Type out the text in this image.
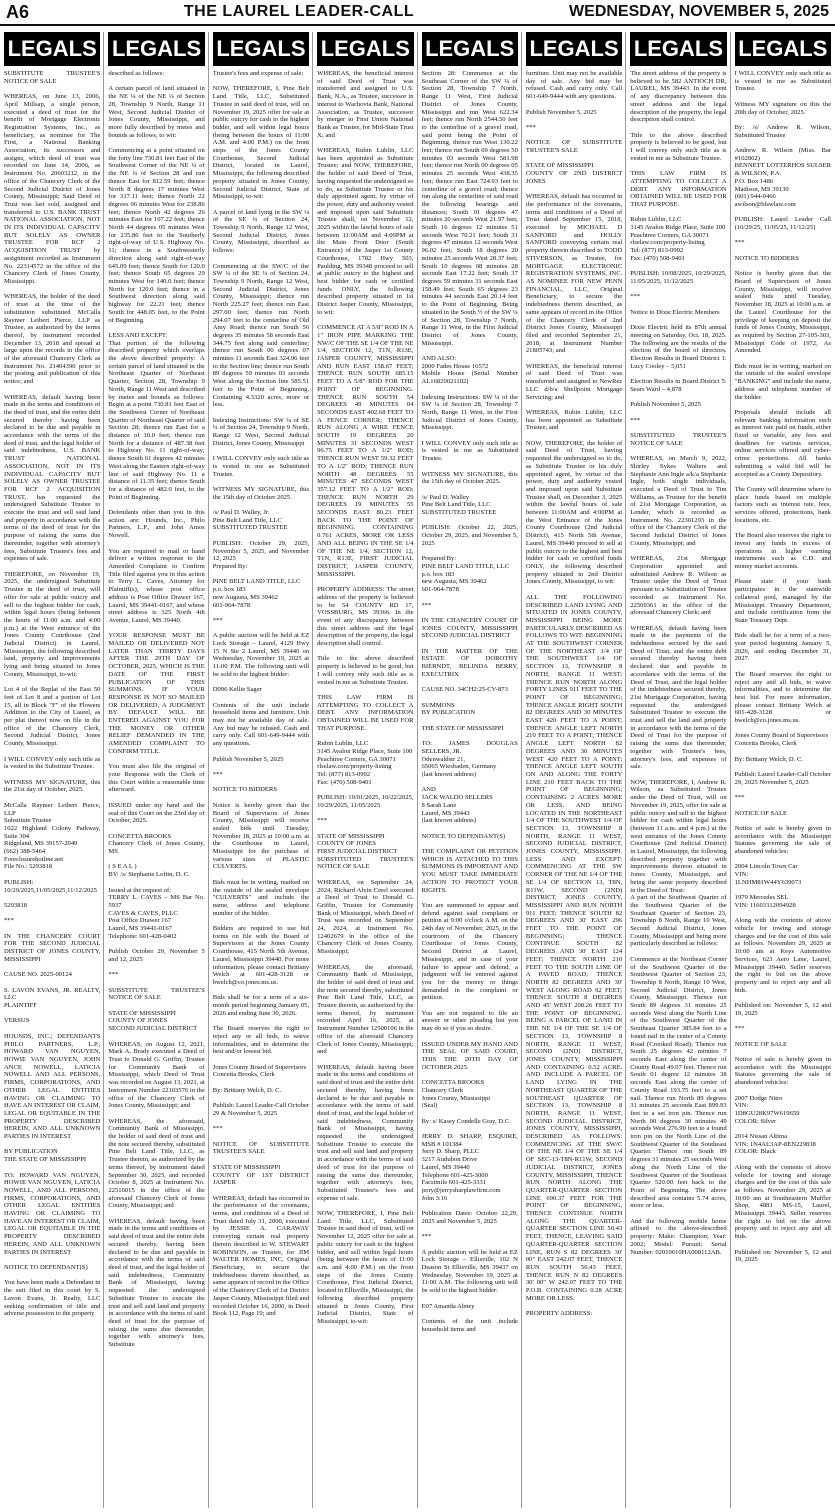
A6	THE LAUREL LEADER-CALL	WEDNESDAY, NOVEMBER 5, 2025
LEGALS
SUBSTITUTE TRUSTEE'S NOTICE OF SALE

WHEREAS, on June 13, 2006, April Millsap, a single person, executed a deed of trust for the benefit of Mortgage Electronic Registration Systems, Inc., as beneficiary, as nominee for The First, a National Banking Association, its successors and assigns, which deed of trust was recorded on June 14, 2006, as Instrument No. 20603212, in the office of the Chancery Clerk of the Second Judicial District of Jones County, Mississippi; Said Deed of Trust was last sold, assigned and transferred to U.S. BANK TRUST NATIONAL ASSOCIATION, NOT IN ITS INDIVIDUAL CAPACITY BUT SOLELY AS OWNER TRUSTEE FOR RCF 2 ACQUISITION TRUST by assignment recorded as Instrument No. 22314572 in the office of the Chancery Clerk of Jones County, Mississippi.

WHEREAS, the holder of the deed of trust at the time of the substitution substituted McCalla Raymer Leibert Pierce, LLP as Trustee, as authorized by the terms thereof, by instrument recorded December 13, 2018 and spread at large upon the records in the office of the aforesaid Chancery Clerk as Instrument No. 21404390 prior to the posting and publication of this notice; and

WHEREAS, default having been made in the terms and conditions of the deed of trust, and the entire debt secured thereby having been declared to be due and payable in accordance with the terms of the deed of trust, and the legal holder of said indebtedness, U.S. BANK TRUST NATIONAL ASSOCIATION, NOT IN ITS INDIVIDUAL CAPACITY BUT SOLELY AS OWNER TRUSTEE FOR RCF 2 ACQUISITION TRUST, has requested the undersigned Substitute Trustee to execute the trust and sell said land and property in accordance with the terms of the deed of trust for the purpose of raising the sums due thereunder, together with attorney's fees, Substitute Trustee's fees and expenses of sale.

THEREFORE, on November 19, 2025, the undersigned Substitute Trustee in the deed of trust, will offer for sale at public outcry and sell to the highest bidder for cash, within legal hours (being between the hours of 11:00 a.m. and 4:00 p.m.) at the West entrance of the Jones County Courthouse (2nd Judicial District) in Laurel, Mississippi, the following described land, property and improvements lying and being situated in Jones County, Mississippi, to-wit:

Lot 4 of the Replat of the East 50 feet of Lot 8 and a portion of Lot 15, all in Block "F" of the Flowers Addition to the City of Laurel, as per plat thereof now on file in the office of the Chancery Clerk, Second Judicial District, Jones County, Mississippi.

I WILL CONVEY only such title as is vested in the Substitute Trustee.

WITNESS MY SIGNATURE, this the 21st day of October, 2025.

McCalla Raymer Leibert Pierce, LLP
Substitute Trustee
1022 Highland Colony Parkway, Suite 304
Ridgeland, MS 39157-2049
(662) 388-5464
Foreclosurehotline.net
File No.: 5293818

PUBLISH: 10/29/2025,11/05/2025,11/12/2025

5293818

***

IN THE CHANCERY COURT FOR THE SECOND JUDICIAL DISTRICT OF JONES COUNTY, MISSISSIPPI

CAUSE NO. 2025-00124

S. LAVON EVANS, JR. REALTY, LLC
PLAINTIFF

VERSUS

HOUNDS, INC.; DEFENDANTS PHILO PARTNERS, L.P.; HOWARD VAN NGUYEN, HOWIE VAN NGUYEN, JOHN ANCE NOWELL, LATICIA NOWELL AND ALL PERSONS, FIRMS, CORPORATIONS, AND OTHER LEGAL ENTITIES HAVING OR CLAIMING TO HAVE AN INTEREST OR CLAIM, LEGAL OR EQUITABLE IN THE PROPERTY DESCRIBED HEREIN, AND ALL UNKNOWN PARTIES IN INTEREST

BY PUBLICATION
THE STATE OF MISSISSIPPI

TO: HOWARD VAN NGUYEN, HOWIE VAN NGUYEN, LATICIA NOWELL, AND ALL PERSONS, FIRMS, CORPORATIONS, AND OTHER LEGAL ENTITIES HAVING OR CLAIMING TO HAVE AN INTEREST OR CLAIM, LEGAL OR EQUITABLE IN THE PROPERTY DESCRIBED HEREIN, AND ALL UNKNOWN PARTIES IN INTEREST

NOTICE TO DEFENDANT(S)

You have been made a Defendant in the suit filed in this court by S. Lavon Evans, Jr. Realty, LLC seeking confirmation of title and adverse possession to the property
LEGALS
described as follows:

A certain parcel of land situated in the NE ¼ of the NE ¼ of Section 28, Township 9 North, Range 11 West, Second Judicial District of Jones County, Mississippi, and more fully described by metes and bounds as follows, to wit:

Commencing at a point situated on the forty line 730.81 feet East of the Southwest Corner of the NE ¼ of the NE ¼ of Section 28 and run thence East for 812.59 feet; thence North 8 degrees 17 minutes West for 317.11 feet; thence North 22 degrees 06 minutes West for 238.86 feet; thence North 42 degrees 26 minutes East for 107.22 feet; thence North 44 degrees 05 minutes West for 235.86 feet to the Southerly right-of-way of U.S. Highway No. 11; thence in a Southwesterly direction along said right-of-way 645.09 feet; thence South for 120.0 feet; thence South 65 degrees 29 minutes West for 140.0 feet; thence North for 120.0 feet; thence in a Southwest direction along said highway for 22.21 feet; thence South for 448.05 feet, to the Point of Beginning.

LESS AND EXCEPT:
That portion of the following described property which overlaps the above described property: A certain parcel of land situated in the Northeast Quarter of Northeast Quarter, Section 28, Township 9 North, Range 11 West and described by metes and bounds as follows: Begin at a point 730.81 feet East of the Southwest Corner of Northeast Quarter of Northeast Quarter of said Section 28; thence run East for a distance of 10.0 feet; thence run North for a distance of 487.38 feet to Highway No. 11 right-of-way; thence South 61 degrees 42 minutes West along the Eastern right-of-way line of said Highway No. 11 a distance of 11.35 feet; thence South for a distance of 482.0 feet, to the Point of Beginning.

Defendants other than you in this action are: Hounds, Inc., Philo Partners, L.P., and John Amos Nowell.

You are required to mail or hand deliver a written response to the Amended Complaint to Confirm Title filed against you in this action to Terry L. Caves, Attorney for Plaintiff(s), whose post office address is Post Office Drawer 167, Laurel, MS 39441-0167, and whose street address is 325 North 4th Avenue, Laurel, MS 39440.

YOUR RESPONSE MUST BE MAILED OR DELIVERED NOT LATER THAN THIRTY DAYS AFTER THE 29TH DAY OF OCTOBER, 2025, WHICH IS THE DATE OF THE FIRST PUBLICATION OF THIS SUMMONS. IF YOUR RESPONSE IS NOT SO MAILED OR DELIVERED, A JUDGMENT BY DEFAULT WILL BE ENTERED AGAINST YOU FOR THE MONEY OR OTHER RELIEF DEMANDED IN THE AMENDED COMPLAINT TO CONFIRM TITLE.

You must also file the original of your Response with the Clerk of this Court within a reasonable time afterward.

ISSUED under my hand and the seal of this Court on the 23rd day of October, 2025.

CONCETTA BROOKS
Chancery Clerk of Jones County, MS

( S E A L )
BY: /s/ Stephanie Loftin, D. C.

Issued at the request of:
TERRY L. CAVES – MS Bar No. 5937
CAVES & CAVES, PLLC
Post Office Drawer 167
Laurel, MS 39441-0167
Telephone: 601-428-0402

Publish October 29, November 5 and 12, 2025

***

SUBSTITUTE TRUSTEE'S NOTICE OF SALE

STATE OF MISSISSIPPI
COUNTY OF JONES
SECOND JUDICIAL DISTRICT

WHEREAS, on August 12, 2021, Mark A. Brady executed a Deed of Trust to Donald G. Griffin, Trustee for Community Bank of Mississippi, which Deed of Trust was recorded on August 13, 2021, at Instrument Number 22103576 in the office of the Chancery Clerk of Jones County, Mississippi; and

WHEREAS, the aforesaid, Community Bank of Mississippi, the holder of said deed of trust and the note secured thereby, substituted Pine Belt Land Title, LLC, as Trustee therein, as authorized by the terms thereof, by instrument dated September 30, 2025, and recorded October 8, 2025 at Instrument No. 22516015 in the office of the aforesaid Chancery Clerk of Jones County, Mississippi; and

WHEREAS, default having been made in the terms and conditions of said deed of trust and the entire debt secured thereby, having been declared to be due and payable in accordance with the terms of said deed of trust, and the legal holder of said indebtedness, Community Bank of Mississippi, having requested the undersigned Substitute Trustee to execute the trust and sell said land and property in accordance with the terms of said deed of trust for the purpose of raising the sums due thereunder, together with attorney's fees, Substitute
LEGALS
Trustee's fees and expense of sale;

NOW, THEREFORE, I, Pine Belt Land Title, LLC, Substituted Trustee in said deed of trust, will on November 19, 2025 offer for sale at public outcry for cash to the highest bidder, and sell within legal hours (being between the hours of 11:00 A.M. and 4:00 P.M.) on the front steps of the Jones County Courthouse, Second Judicial District, located in Laurel, Mississippi, the following described property situated in Jones County, Second Judicial District, State of Mississippi, to-wit:

A parcel of land lying in the SW ¼ of the SE ¼ of Section 24, Township 9 North, Range 12 West, Second Judicial District, Jones County, Mississippi, described as follows:

Commencing at the SW/C of the SW ¼ of the SE ¼ of Section 24, Township 9 North, Range 12 West, Second Judicial District, Jones County, Mississippi; thence run North 225.27 feet; thence run East 297.00 feet; thence run North 294.07 feet to the centerline of Old Amy Road; thence run South 56 degrees 35 minutes 58 seconds East 344.75 feet along said centerline; thence run South 00 degrees 07 minutes 11 seconds East 324.96 feet to the Section line; thence run South 89 degrees 59 minutes 03 seconds West along the Section line 585.51 feet to the Point of Beginning. Containing 4.3320 acres, more or less.

Indexing Instructions: SW ¼ of SE ¼ of Section 24, Township 9 North, Range 12 West, Second Judicial District, Jones County, Mississippi

I WILL CONVEY only such title as is vested in me as Substituted Trustee.

WITNESS MY SIGNATURE, this the 15th day of October 2025.

/s/ Paul D. Walley, Jr.
Pine Belt Land Title, LLC
SUBSTITUTED TRUSTEE

PUBLISH: October 29, 2025, November 5, 2025, and November 12, 2025
Prepared By:

PINE BELT LAND TITLE, LLC
p.o. box 183
new Augusta, MS 39462
601-964-7878

***

A public auction will be held at EZ Lock Storage – Laurel, 4129 Hwy 15 N Ste 2 Laurel, MS 39440 on Wednesday, November 19, 2025 at 11:00 P.M. The following unit will be sold to the highest bidder:

D096 Kellie Sager

Contents of the unit include household items and furniture. Unit may not be available day of sale. Any bid may be refused. Cash and carry only. Call 601-649-9444 with any questions.

Publish November 5, 2025

***

NOTICE TO BIDDERS

Notice is hereby given that the Board of Supervisors of Jones County, Mississippi will receive sealed bids until Tuesday, November 18, 2025 at 10:00 a.m. at the Courthouse in Laurel, Mississippi for the purchase of various sizes of PLASTIC CULVERTS.

Bids must be in writing, marked on the outside of the sealed envelope "CULVERTS" and include the name, address and telephone number of the bidder.

Bidders are required to use bid forms on file with the Board of Supervisors at the Jones County Courthouse, 415 North 5th Avenue, Laurel, Mississippi 39440. For more information, please contact Brittany Welch at 601-428-3128 or bwelch@co.jones.ms.us.

Bids shall be for a term of a six-month period beginning January 05, 2026 and ending June 30, 2026.

The Board reserves the right to reject any or all bids, to waive informalities, and to determine the best and/or lowest bid.

Jones County Board of Supervisors
Concetta Brooks, Clerk

By: Brittany Welch, D. C.

Publish: Laurel Leader-Call October 29 & November 5, 2025

***

NOTICE OF SUBSTITUTE TRUSTEE'S SALE

STATE OF MISSISSIPPI
COUNTY OF 1ST DISTRICT JASPER

WHEREAS, default has occurred in the performance of the covenants, terms, and conditions of a Deed of Trust dated July 31, 2000, executed by JESSIE A. CARAWAY conveying certain real property therein described to W. STEWART ROBINSON, as Trustee, for JIM WALTER HOMES, INC, Original Beneficiary, to secure the indebtedness therein described, as same appears of record in the Office of the Chancery Clerk of 1st District Jasper County, Mississippi filed and recorded October 16, 2000, in Deed Book 112, Page 19; and
LEGALS
WHEREAS, the beneficial interest of said Deed of Trust was transferred and assigned to U.S. Bank, N.A., as Trustee, successor in interest to Wachovia Bank, National Association, as Trustee, successor by merger to First Union National Bank as Trustee, for Mid-State Trust X; and

WHEREAS, Rubin Lublin, LLC has been appointed as Substitute Trustee; and NOW, THEREFORE, the holder of said Deed of Trust, having requested the undersigned so to do, as Substitute Trustee or his duly appointed agent, by virtue of the power, duty and authority vested and imposed upon said Substitute Trustee shall, on November 12, 2025 within the lawful hours of sale between 11:00AM and 4:00PM at the Main Front Door (South Entrance) of the Jasper 1st County Courthouse, 1782 Hwy 503, Paulding, MS 39348 proceed to sell at public outcry to the highest and best bidder for cash or certified funds ONLY, the following described property situated in 1st District Jasper County, Mississippi, to wit:

COMMENCE AT A 5/8" ROD IN A 1" IRON PIPE MARKING THE NW/C OF THE SE 1/4 OF THE NE 1/4, SECTION 12, T1N, R13E, JASPER COUNTY, MISSISSIPPI AND RUN EAST 158.67 FEET; THENCE RUN SOUTH 685.15 FEET TO A 5/8" ROD FOR THE POINT OF BEGINNING. THENCE RUN SOUTH 54 DEGREES 49 MINUTES 04 SECONDS EAST 402.68 FEET TO A FENCE CORNER; THENCE RUN ALONG A WIRE FENCE SOUTH 19 DEGREES 20 MINUTES 31 SECONDS WEST 96.75 FEET TO A 1/2" ROD; THENCE RUN WEST 59.32 FEET TO A 1/2" ROD; THENCE RUN NORTH 48 DEGREES 55 MINUTES 47 SECONDS WEST 357.12 FEET TO A 1/2" ROD; THENCE RUN NORTH 29 DEGREES 19 MINUTES 55 SECONDS EAST 80.23 FEET BACK TO THE POINT OF BEGINNING. CONTAINING 0.761 ACRES, MORE OR LESS AND ALL BEING IN THE SE 1/4 OF THE NE 1/4, SECTION 12, T1N, R13E, FIRST JUDICIAL DISTRICT, JASPER COUNTY, MISSISSIPPI.

PROPERTY ADDRESS: The street address of the property is believed to be 54 COUNTY RD 17, VOSSBURG, MS 39366. In the event of any discrepancy between this street address and the legal description of the property, the legal description shall control.

Title to the above described property is believed to be good, but I will convey only such title as is vested in me as Substitute Trustee.

THIS LAW FIRM IS ATTEMPTING TO COLLECT A DEBT. ANY INFORMATION OBTAINED WILL BE USED FOR THAT PURPOSE.

Rubin Lublin, LLC
3145 Avalon Ridge Place, Suite 100
Peachtree Corners, GA 30071
rlselaw.com/property-listing
Tel: (877) 813-0992
Fax: (470) 508-9401

PUBLISH: 10/01/2025, 10/22/2025, 10/29/2025, 11/05/2025

***

STATE OF MISSISSIPPI
COUNTY OF JONES
FIRST JUDICIAL DISTRICT
SUBSTITUTED TRUSTEE'S NOTICE OF SALE

WHEREAS, on September 24, 2024, Richard Alvin Creel executed a Deed of Trust to Donald G. Griffin, Trustee for Community Bank of Mississippi, which Deed of Trust was recorded on September 24, 2024, at Instrument No. 12402679 in the office of the Chancery Clerk of Jones County, Mississippi;

WHEREAS, the aforesaid, Community Bank of Mississippi, the holder of said deed of trust and the note secured thereby, substituted Pine Belt Land Title, LLC, as Trustee therein, as authorized by the terms thereof, by instrument recorded April 16, 2025, at Instrument Number 12500106 in the office of the aforesaid Chancery Clerk of Jones County, Mississippi; and

WHEREAS, default having been made in the terms and conditions of said deed of trust and the entire debt secured thereby, having been declared to be due and payable in accordance with the terms of said deed of trust, and the legal holder of said indebtedness, Community Bank of Mississippi, having requested the undersigned Substitute Trustee to execute the trust and sell said land and property in accordance with the terms of said deed of trust for the purpose of raising the sums due thereunder, together with attorney's fees, Substituted Trustee's fees and expense of sale.

NOW, THEREFORE, I, Pine Belt Land Title, LLC, Substituted Trustee in said deed of trust, will on November 12, 2025 offer for sale at public outcry for cash to the highest bidder, and sell within legal hours (being between the hours of 11:00 a.m. and 4:00 P.M.) on the front steps of the Jones County Courthouse, First Judicial District, located in Ellisville, Mississippi, the following described property situated in Jones County, First Judicial District, State of Mississippi, to-wit:
LEGALS
Section 28: Commence at the Southeast Corner of the SW ¼ of Section 28, Township 7 North, Range 11 West, First Judicial District of Jones County, Mississippi and run West 622.34 feet; thence run North 2544.50 feet to the centerline of a gravel road, said point being the Point of Beginning, thence run West 130.22 feet; thence run South 69 degrees 50 minutes 03 seconds West 581.98 feet; thence run North 00 degrees 05 minutes 25 seconds West 438.35 feet; thence run East 724.93 feet to centerline of a gravel road; thence run along the centerline of said road the following bearings and distances; South 01 degrees 47 minutes 20 seconds West 21.97 feet; South 16 degrees 12 minutes 51 seconds West 70.21 feet; South 31 degrees 47 minutes 12 seconds West 96.02 feet; South 18 degrees 20 minutes 25 seconds West 28.37 feet; South 10 degrees 08 minutes 28 seconds East 17.22 feet; South 37 degrees 59 minutes 31 seconds East 158.49 feet; South 65 degrees 23 minutes 44 seconds East 20.14 feet to the Point of Beginning. Being situated in the South ½ of the SW ¼ of Section 28, Township 7 North, Range 11 West, in the First Judicial District of Jones County, Mississippi.

AND ALSO:
2000 Fades House 16572
Mobile House (Serial Number AL16820021102)

Indexing Instructions: SW ¼ of the SW ¼ of Section 28, Township 7 North, Range 11 West, in the First Judicial District of Jones County, Mississippi.

I WILL CONVEY only such title as is vested in me as Substituted Trustee.

WITNESS MY SIGNATURE, this the 15th day of October 2025.

/s/ Paul D. Walley
Pine Belt Land Title, LLC
SUBSTITUTED TRUSTEE

PUBLISH: October 22, 2025, October 29, 2025, and November 5, 2025

Prepared By:
PINE BELT LAND TITLE, LLC
p.o. box 183
new Augusta, MS 39462
601-964-7878

***

IN THE CHANCERY COURT OF JONES COUNTY, MISSISSIPPI SECOND JUDICIAL DISTRICT

IN THE MATTER OF THE ESTATE OF DOROTHY BIERNDT, BELINDA BERRY, EXECUTRIX

CAUSE NO. 34CH2:25-CV-873

SUMMONS
BY PUBLICATION

THE STATE OF MISSISSIPPI

TO: JAMES DOUGLAS SELLERS, JR.
Odenwaldstr 21,
65065 Wiesbaden, Germany
(last known address)

AND
JACK WALDO SELLERS
8 Sarah Lane
Laurel, MS 39443
(last known address)

NOTICE TO DEFENDANT(S)

THE COMPLAINT OR PETITION WHICH IS ATTACHED TO THIS SUMMONS IS IMPORTANT AND YOU MUST TAKE IMMEDIATE ACTION TO PROTECT YOUR RIGHTS.

You are summoned to appear and defend against said complaint or petition at 9:00 o'clock A.M. on the 24th day of November, 2025, in the courtroom of the Chancery Courthouse of Jones County, Second District at Laurel, Mississippi, and in case of your failure to appear and defend, a judgment will be entered against you for the money or things demanded in the complaint or petition.

You are not required to file an answer or other pleading but you may do so if you so desire.

ISSUED UNDER MY HAND AND THE SEAL OF SAID COURT, THIS THE 20TH DAY OF OCTOBER 2025.

CONCETTA BROOKS
Chancery Clerk
Jones County, Mississippi
(Seal)

By: s/ Kasey Condelle Gray, D.C.

JERRY D. SHARP, ESQUIRE, MSB # 101384
Jerry D. Sharp, PLLC
3217 Audubon Drive
Laurel, MS 39440
Telephone 601-425-3000
Facsimile 601-425-3331
jerry@jerrysharplawfirm.com
John 3:16

Publication Dates: October 22,29, 2025 and November 5, 2025

***

A public auction will be held at EZ Lock Storage – Ellisville, 102 N Deason St Ellisville, MS 39437 on Wednesday, November 19, 2025 at 11:00 A.M. The following unit will be sold to the highest bidder:

E07 Amanda Abney

Contents of the unit include household items and
LEGALS
furniture. Unit may not be available day of sale. Any bid may be refused. Cash and carry only. Call 601-649-9444 with any questions.

Publish November 5, 2025

***

NOTICE OF SUBSTITUTE TRUSTEE'S SALE

STATE OF MISSISSIPPI
COUNTY OF 2ND DISTRICT JONES

WHEREAS, default has occurred in the performance of the covenants, terms and conditions of a Deed of Trust dated September 15, 2018, executed by MICHAEL D SANFORD and HOLLY SANFORD conveying certain real property therein described to TODD STIVERSON, as Trustee, for MORTGAGE ELECTRONIC REGISTRATION SYSTEMS, INC. AS NOMINEE FOR NEW PENN FINANCIAL, LLC, Original Beneficiary, to secure the indebtedness therein described, as same appears of record in the Office of the Chancery Clerk of 2nd District Jones County, Mississippi filed and recorded September 21, 2018, at Instrument Number 21805743; and

WHEREAS, the beneficial interest of said Deed of Trust was transferred and assigned to NewRez LLC d/b/a Shellpoint Mortgage Servicing; and

WHEREAS, Rubin Lublin, LLC has been appointed as Substitute Trustee; and

NOW, THEREFORE, the holder of said Deed of Trust, having requested the undersigned so to do, as Substitute Trustee or his duly appointed agent, by virtue of the power, duty and authority vested and imposed upon said Substitute Trustee shall, on December 3, 2025 within the lawful hours of sale between 11:00AM and 4:00PM at the West Entrance of the Jones County Courthouse (2nd Judicial District), 415 North 5th Avenue, Laurel, MS 39440 proceed to sell at public outcry to the highest and best bidder for cash or certified funds ONLY, the following described property situated in 2nd District Jones County, Mississippi, to wit:

ALL THE FOLLOWING DESCRIBED LAND LYING AND SITUATED IN JONES COUNTY, MISSISSIPPI BEING MORE PARTICULARLY DESCRIBED AS FOLLOWS TO WIT: BEGINNING AT THE SOUTHWEST CORNER OF THE NORTHEAST 1/4 OF THE SOUTHWEST 1/4 OF SECTION 13, TOWNSHIP 8 NORTH, RANGE 11 WEST; THENCE RUN NORTH ALONG FORTY LINES 911 FEET TO THE POINT OF BEGINNING; THENCE ANGLE RIGHT SOUTH 82 DEGREES AND 30 MINUTES EAST 420 FEET TO A POINT; THENCE ANGLE LEFT NORTH 210 FEET TO A POINT; THENCE ANGLE LEFT NORTH 82 DEGREES AND 30 MINUTES WEST 420 FEET TO A POINT; THENCE ANGLE LEFT SOUTH ON AND ALONG THE FORTY LINE 210 FEET BACK TO THE POINT OF BEGINNING; CONTAINING 2 ACRES MORE OR LESS. AND BEING LOCATED IN THE NORTHEAST 1/4 OF THE SOUTHWEST 1/4 OF SECTION 13, TOWNSHIP 8 NORTH, RANGE 11 WEST, SECOND JUDICIAL DISTRICT, JONES COUNTY, MISSISSIPPI. LESS AND EXCEPT: COMMENCING AT THE SW CORNER OF THE NE 1/4 OF THE SE 1/4 OF SECTION 13, T8N, R11W, SECOND (2ND) DISTRICT, JONES COUNTY, MISSISSIPPI AND RUN NORTH 911 FEET; THENCE SOUTH 82 DEGREES AND 30' EAST 296 FEET TO THE POINT OF BEGINNING; THENCE CONTINUE SOUTH 82 DEGREES AND 30' EAST 124 FEET; THENCE NORTH 210 FEET TO THE SOUTH LINE OF A PAVED ROAD; THENCE NORTH 82 DEGREES AND 30' WEST ALONG ROAD 92 FEET; THENCE SOUTH 8 DEGREES AND 45' WEST 208.26 FEET TO THE POINT OF BEGINNING. BEING A PARCEL OF LAND IN THE NE 1/4 OF THE SE 1/4 OF SECTION 13, TOWNSHIP 8 NORTH, RANGE 11 WEST, SECOND (2ND) DISTRICT, JONES COUNTY, MISSISSIPPI AND CONTAINING 0.52 ACRE. AND INCLUDE A PARCEL OF LAND LYING IN THE NORTHEAST QUARTER OF THE SOUTHEAST QUARTER OF SECTION 13, TOWNSHIP 8 NORTH, RANGE 11 WEST, SECOND JUDICIAL DISTRICT, JONES COUNTY, MISSISSIPPI, DESCRIBED AS FOLLOWS: COMMENCING AT THE SW/C OF THE NE 1/4 OF THE SE 1/4 OF SEC-13-T8N-R11W, SECOND JUDICIAL DISTRICT, JONES COUNTY, MISSISSIPPI, THENCE RUN NORTH ALONG THE QUARTER-QUARTER SECTION LINE 690.37 FEET FOR THE POINT OF BEGINNING, THENCE CONTINUE NORTH ALONG THE QUARTER-QUARTER SECTION LINE 50.43 FEET, THENCE, LEAVING SAID QUARTER-QUARTER SECTION LINE, RUN S 82 DEGREES 30' 00" EAST 242.07 FEET, THENCE RUN SOUTH 50.43 FEET, THENCE RUN N 82 DEGREES 30' 00" W 242.07 FEET TO THE P.O.B. CONTAINING 0.28 ACRE MORE OR LESS.

PROPERTY ADDRESS:
LEGALS
The street address of the property is believed to be 582 ANTIOCH DR, LAUREL, MS 39443. In the event of any discrepancy between this street address and the legal description of the property, the legal description shall control.

Title to the above described property is believed to be good, but I will convey only such title as is vested in me as Substitute Trustee.

THIS LAW FIRM IS ATTEMPTING TO COLLECT A DEBT. ANY INFORMATION OBTAINED WILL BE USED FOR THAT PURPOSE.

Rubin Lublin, LLC
3145 Avalon Ridge Place, Suite 100
Peachtree Corners, GA 30071
rlselaw.com/property-listing
Tel: (877) 813-0992
Fax: (470) 508-9401

PUBLISH: 10/08/2025, 10/29/2025, 11/05/2025, 11/12/2025

***

Notice to Dixie Electric Members

Dixie Electric held its 87th annual meeting on Saturday, Oct. 18, 2025. The following are the results of the election of the board of directors. Election Results in Board District 1: Lucy Cooley – 5,051

Election Results in Board District 5: Sears Ward – 4,878

Publish November 5, 2025

***

SUBSTITUTED TRUSTEE'S NOTICE OF SALE

WHEREAS, on March 9, 2022, Shirley Sykes Walters and Stephanie Ann Ingle a/k/a Stephanie Ingle, both single individuals, executed a Deed of Trust to Tim Williams, as Trustee for the benefit of 21st Mortgage Corporation, as Lender, which is recorded as Instrument No. 22301293 in the office of the Chancery Clerk of the Second Judicial District of Jones County, Mississippi; and

WHEREAS, 21st Mortgage Corporation appointed and substituted Andrew R. Wilson as Trustee under the Deed of Trust pursuant to a Substitution of Trustee recorded as Instrument No. 22509361 in the office of the aforesaid Chancery Clerk; and

WHEREAS, default having been made in the payments of the indebtedness secured by the said Deed of Trust, and the entire debt secured thereby having been declared due and payable in accordance with the terms of the Deed of Trust, and the legal holder of the indebtedness secured thereby, 21st Mortgage Corporation, having requested the undersigned Substituted Trustee to execute the trust and sell the land and property in accordance with the terms of the Deed of Trust for the purpose of raising the sums due thereunder, together with Trustee's fees, attorney's fees, and expenses of sale.

NOW, THEREFORE, I, Andrew R. Wilson, as Substituted Trustee under the Deed of Trust, will on November 19, 2025, offer for sale at public outcry and sell to the highest bidder for cash within legal hours (between 11 a.m. and 4 p.m.) at the west entrance of the Jones County Courthouse (2nd Judicial District) in Laurel, Mississippi, the following described property together with improvements thereon situated in Jones County, Mississippi, and being the same property described in the Deed of Trust:
A part of the Southwest Quarter of the Southwest Quarter of the Southeast Quarter of Section 23, Township 8 North, Range 10 West, Second Judicial District, Jones County, Mississippi and being more particularly described as follows:

Commence at the Northeast Corner of the Southwest Quarter of the Southwest Quarter of Section 23, Township 8 North, Range 10 West, Second Judicial District, Jones County, Mississippi. Thence run South 89 degrees 31 minutes 25 seconds West along the North Line of the Southwest Quarter of the Southeast Quarter 385.84 feet to a found nail in the center of a County Road (Crooked Road); Thence run South 25 degrees 42 minutes 7 seconds East along the center of County Road 49.07 feet. Thence run South 01 degree 12 minutes 38 seconds East along the center of County Road 193.75 feet to a set nail. Thence run North 89 degrees 31 minutes 25 seconds East 899.93 feet to a set iron pin. Thence run North 00 degrees 30 minutes 49 seconds West 276.90 feet to a found iron pin on the North Line of the Southwest Quarter of the Southeast Quarter. Thence run South 89 degrees 31 minutes 25 seconds West along the North Line of the Southwest Quarter of the Southeast Quarter 520.00 feet back to the Point of Beginning. The above described area contains 5.74 acres, more or less.

And the following mobile home affixed to the above-described property: Make: Champion; Year: 2002; Model: Pursuit; Serial Number: 02010610HA008112AB.
LEGALS
I WILL CONVEY only such title as is vested in me as Substituted Trustee.

Witness MY signature on this the 20th day of October, 2025.

By: /s/ Andrew R. Wilson, Substituted Trustee

Andrew R. Wilson (Miss. Bar #102862)
BENNETT LOTTERHOS SULSER & WILSON, P.A.
P.O. Box 1486
Madison, MS 39130
(601) 944-0466
awilson@blswlaw.com

PUBLISH: Laurel Leader Call (10/29/25, 11/05/25, 11/12/25)

***

NOTICE TO BIDDERS

Notice is hereby given that the Board of Supervisors of Jones County, Mississippi, will receive sealed bids until Tuesday, November 18, 2025 at 10:00 a.m. at the Laurel Courthouse for the privilege of keeping on deposit the funds of Jones County, Mississippi, as required by Section 27-105-303, Mississippi Code of 1972, As Amended.

Bids must be in writing, marked on the outside of the sealed envelope "BANKING" and include the name, address and telephone number of the bidder.

Proposals should include all relevant banking information such as interest rate paid on funds, either fixed or variable, any fees and deadlines for various services, online services offered and cyber-crime protections. All banks submitting a valid bid will be accepted as a County Depository.

The County will determine where to place funds based on multiple factors such as interest rate, fees, services offered, protections, bank locations, etc.

The Board also reserves the right to invest any funds in excess of operations in higher earning instruments such as C.D. and money market accounts.

Please state if your bank participates in the statewide collateral pool, managed by the Mississippi Treasury Department, and include certification from the State Treasury Dept.

Bids shall be for a term of a two-year period beginning January 5, 2026, and ending December 31, 2027.

The Board reserves the right to reject any and all bids, to waive informalities, and to determine the best bid. For more information, please contact Brittany Welch at 601-428-3128 or bwelch@co.jones.ms.us.

Jones County Board of Supervisors
Concetta Brooks, Clerk

By: Brittany Welch, D. C.

Publish: Laurel Leader-Call October 29, 2025 November 5, 2025

***

NOTICE OF SALE

Notice of sale is hereby given in accordance with the Mississippi Statutes governing the sale of abandoned vehicles:

2004 Lincoln Town Car
VIN:
1LNHM81W44Y639073

1979 Mercedes SEL
VIN: 11603312094928

Along with the contents of above vehicle for towing and storage charges and for the cost of this sale as follows. November 29, 2025 at 10:00 am at Keys Automotive Services, 623 Aero Lane, Laurel, Mississippi 39440. Seller reserves the right to bid on the above property and to reject any and all bids.

Published on: November 5, 12 and 19, 2025

***

NOTICE OF SALE

Notice of sale is hereby given in accordance with the Mississippi Statutes governing the sale of abandoned vehicles:

2007 Dodge Nitro
VIN:
1D8GU28K97W619659
COLOR: Silver

2014 Nissan Altima
VIN: 1N4AL3AP-8EN229838
COLOR: Black

Along with the contents of above vehicle for towing and storage charges and for the cost of this sale as follows. November 29, 2025 at 10:00 am at Southeastern Muffler Shop, 4881 MS-15, Laurel, Mississippi 39443. Seller reserves the right to bid on the above property and to reject any and all bids.

Published on: November 5, 12 and 19, 2025
